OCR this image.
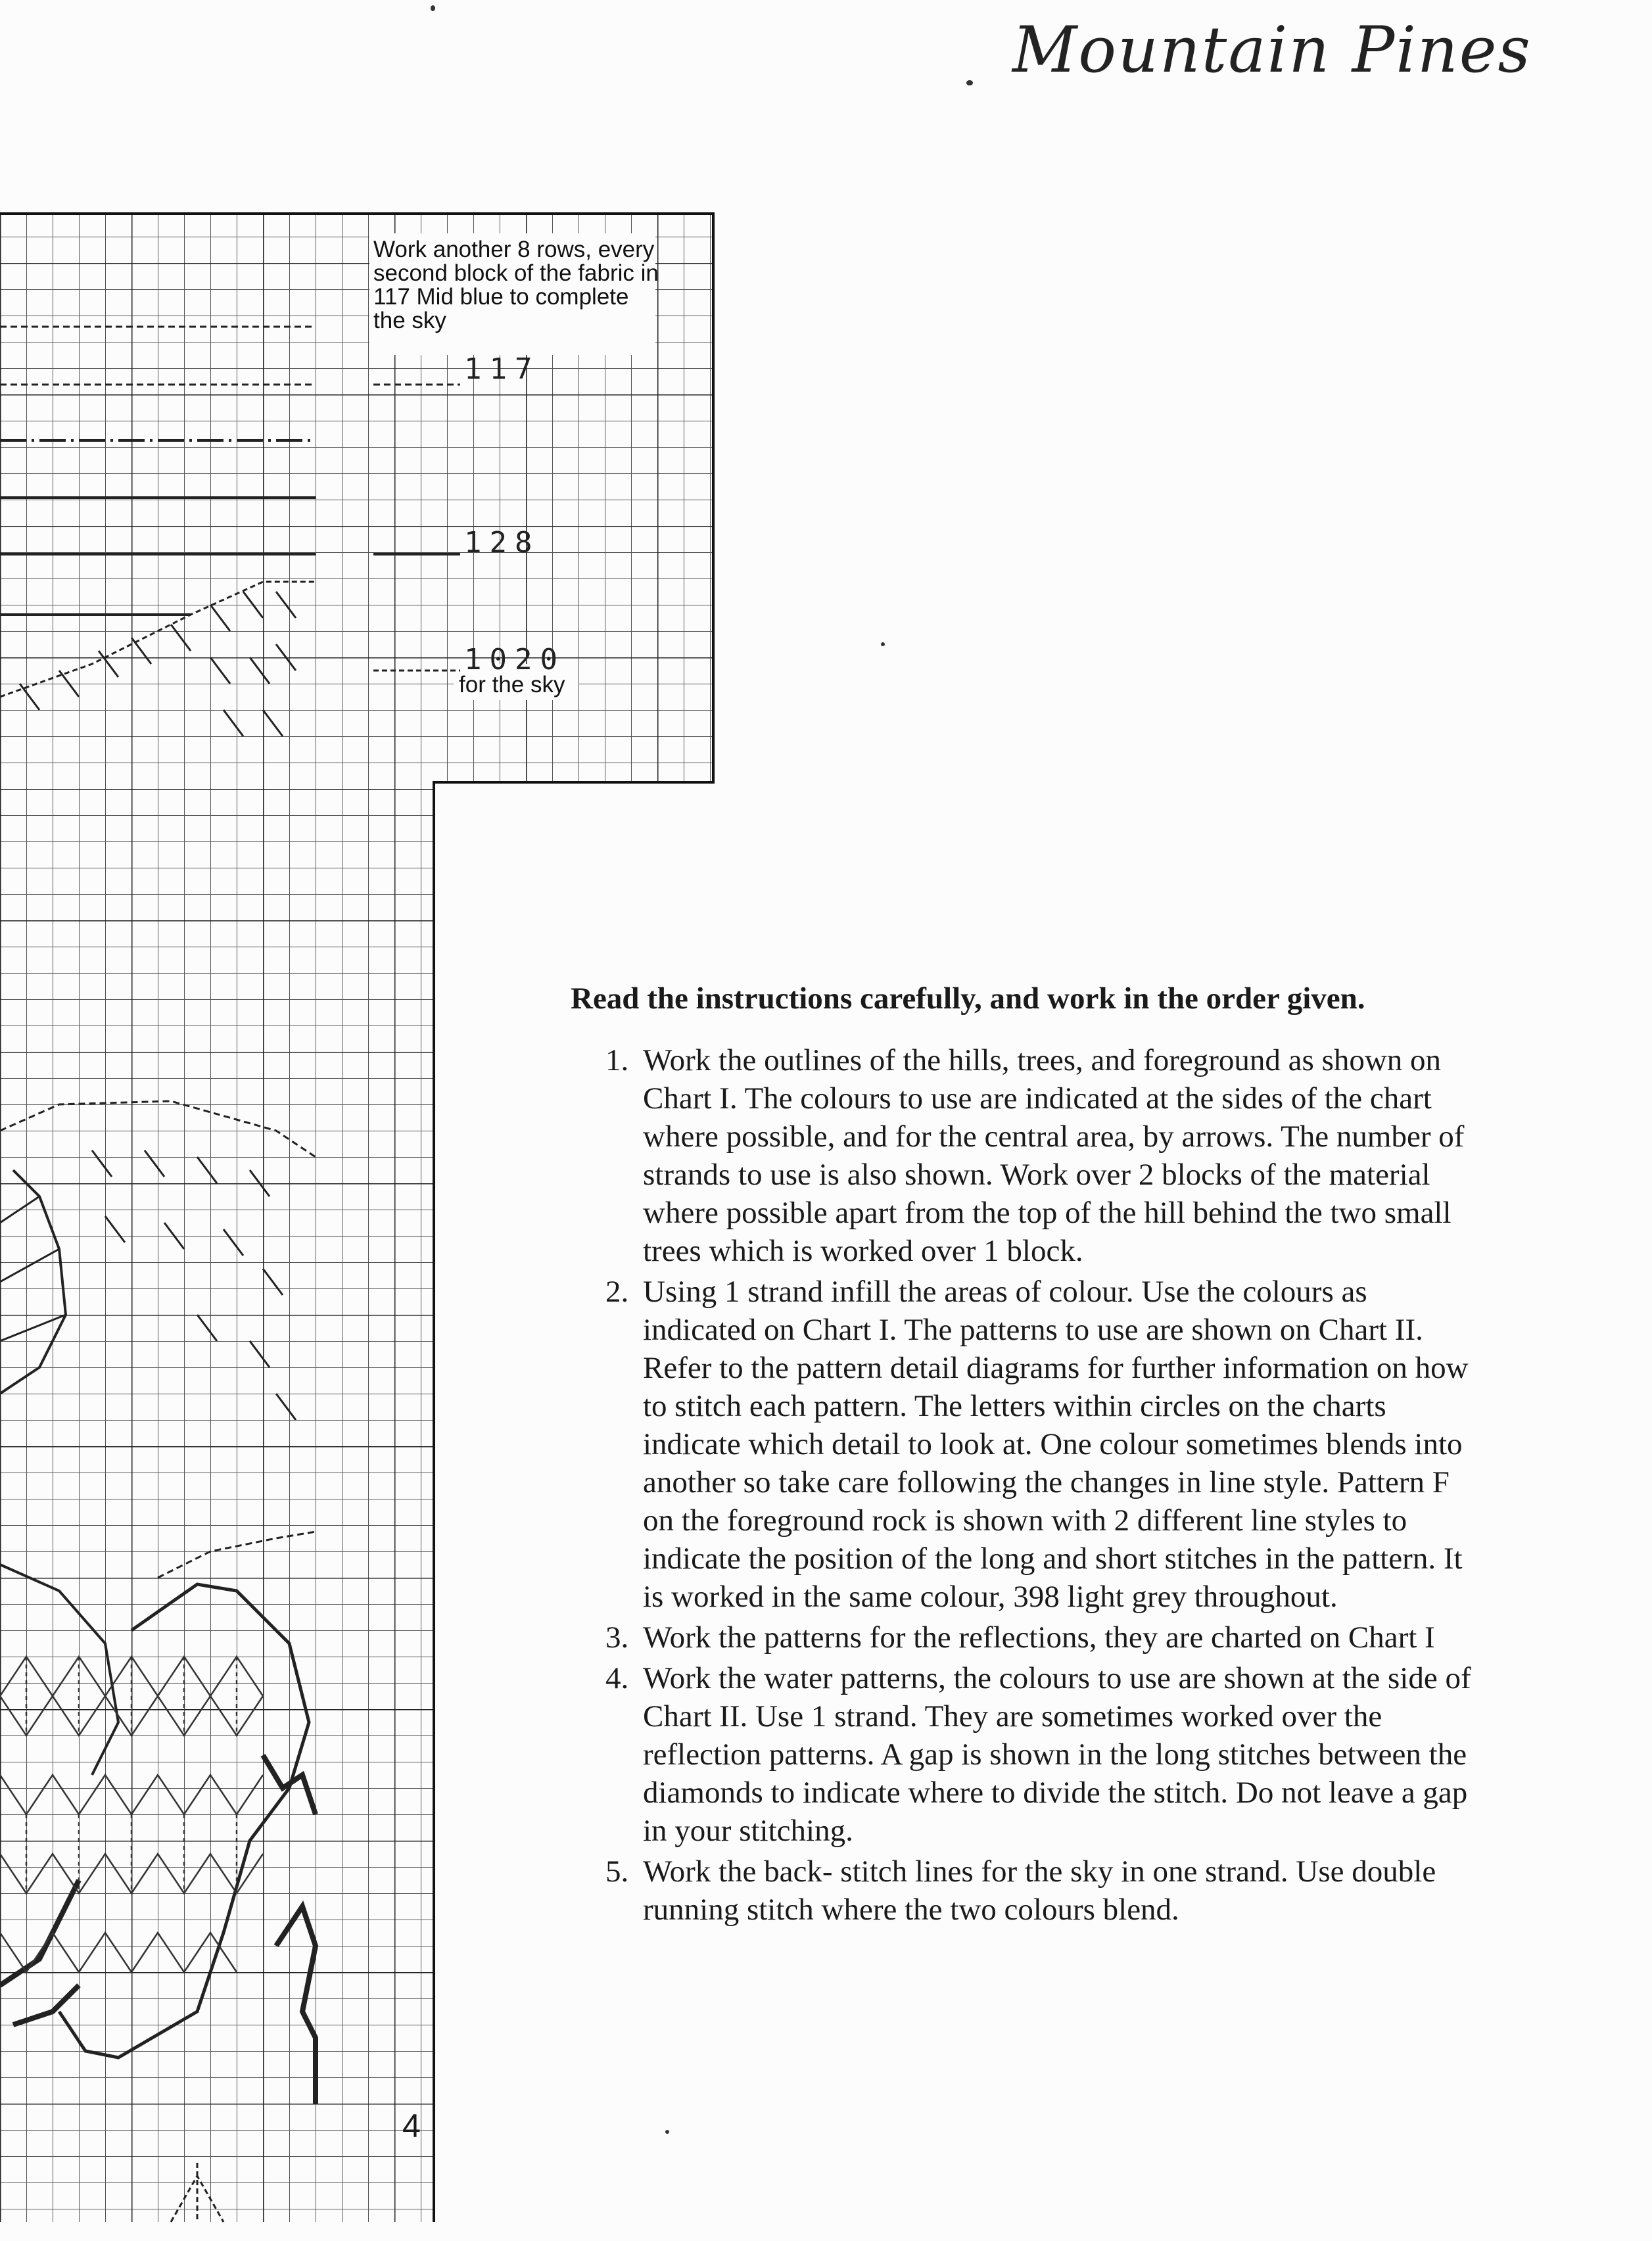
Mountain Pines
Work another 8 rows, every second block of the fabric in 117 Mid blue to complete the sky
117
128
1020
for the sky
Read the instructions carefully, and work in the order given.
1. Work the outlines of the hills, trees, and foreground as shown on Chart I. The colours to use are indicated at the sides of the chart where possible, and for the central area, by arrows. The number of strands to use is also shown. Work over 2 blocks of the material where possible apart from the top of the hill behind the two small trees which is worked over 1 block.
2. Using 1 strand infill the areas of colour. Use the colours as indicated on Chart I. The patterns to use are shown on Chart II. Refer to the pattern detail diagrams for further information on how to stitch each pattern. The letters within circles on the charts indicate which detail to look at. One colour sometimes blends into another so take care following the changes in line style. Pattern F on the foreground rock is shown with 2 different line styles to indicate the position of the long and short stitches in the pattern. It is worked in the same colour, 398 light grey throughout.
3. Work the patterns for the reflections, they are charted on Chart I
4. Work the water patterns, the colours to use are shown at the side of Chart II. Use 1 strand. They are sometimes worked over the reflection patterns. A gap is shown in the long stitches between the diamonds to indicate where to divide the stitch. Do not leave a gap in your stitching.
5. Work the back- stitch lines for the sky in one strand. Use double running stitch where the two colours blend.
4
